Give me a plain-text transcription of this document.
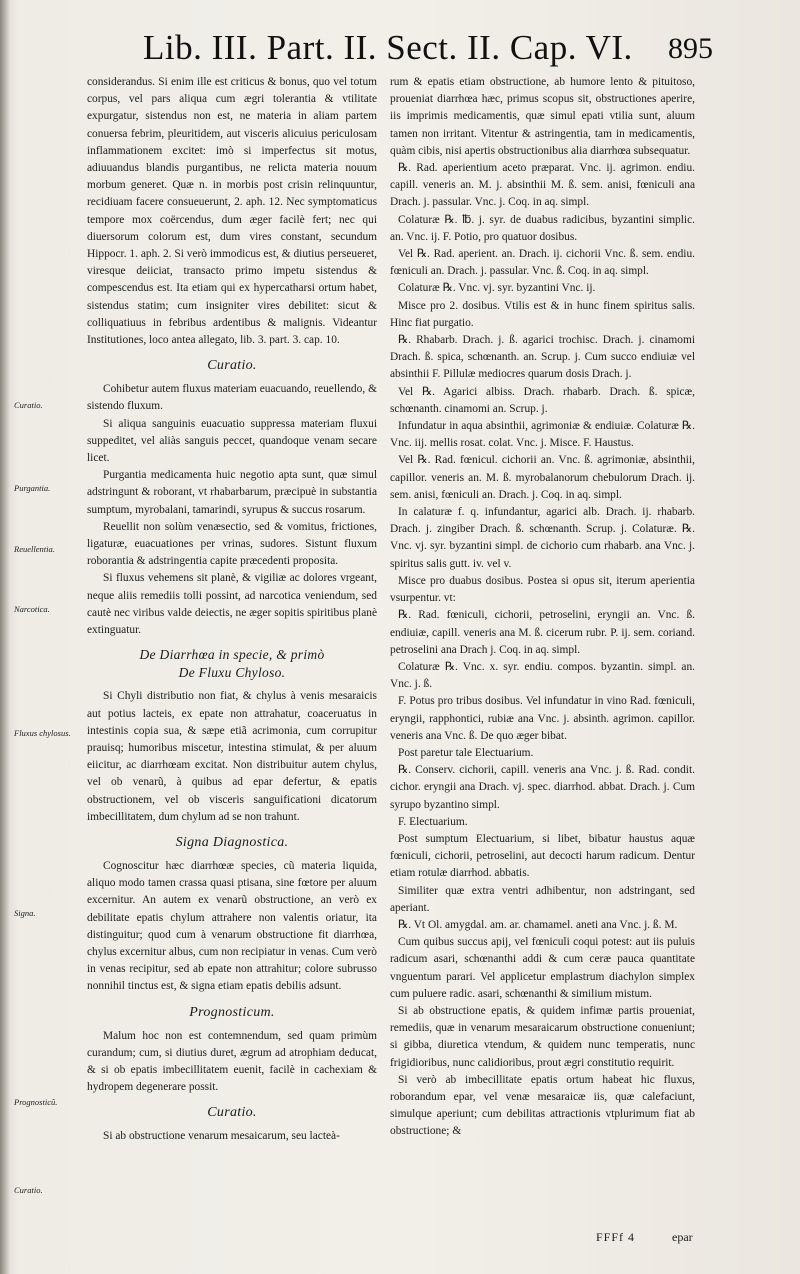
Lib. III. Part. II. Sect. II. Cap. VI. 895
Curatio.
Purgantia.
Reuellentia.
Narcotica.
Fluxus chylosus.
Signa.
Prognosticũ.
Curatio.

considerandus. Si enim ille est criticus & bonus, quo vel totum corpus, vel pars aliqua cum ægri tolerantia & vtilitate expurgatur, sistendus non est, ne materia in aliam partem conuersa febrim, pleuritidem, aut visceris alicuius periculosam inflammationem excitet: imò si imperfectus sit motus, adiuuandus blandis purgantibus, ne relicta materia nouum morbum generet. Quæ n. in morbis post crisin relinquuntur, recidiuam facere consueuerunt, 2. aph. 12. Nec symptomaticus tempore mox coërcendus, dum æger facilè fert; nec qui diuersorum colorum est, dum vires constant, secundum Hippocr. 1. aph. 2. Si verò immodicus est, & diutius perseueret, viresque deiiciat, transacto primo impetu sistendus & compescendus est. Ita etiam qui ex hypercatharsi ortum habet, sistendus statim; cum insigniter vires debilitet: sicut & colliquatiuus in febribus ardentibus & malignis. Videantur Institutiones, loco antea allegato, lib. 3. part. 3. cap. 10.

Curatio.

Cohibetur autem fluxus materiam euacuando, reuellendo, & sistendo fluxum.

Si aliqua sanguinis euacuatio suppressa materiam fluxui suppeditet, vel aliàs sanguis peccet, quandoque venam secare licet.

Purgantia medicamenta huic negotio apta sunt, quæ simul adstringunt & roborant, vt rhabarbarum, præcipuè in substantia sumptum, myrobalani, tamarindi, syrupus & succus rosarum.

Reuellit non solùm venæsectio, sed & vomitus, frictiones, ligaturæ, euacuationes per vrinas, sudores. Sistunt fluxum roborantia & adstringentia capite præcedenti proposita.

Si fluxus vehemens sit planè, & vigiliæ ac dolores vrgeant, neque aliis remediis tolli possint, ad narcotica veniendum, sed cautè nec viribus valde deiectis, ne æger sopitis spiritibus planè extinguatur.

De Diarrhœa in specie, & primò
De Fluxu Chyloso.

Si Chyli distributio non fiat, & chylus à venis mesaraicis aut potius lacteis, ex epate non attrahatur, coaceruatus in intestinis copia sua, & sæpe etiã acrimonia, cum corrupitur prauisq; humoribus miscetur, intestina stimulat, & per aluum eiicitur, ac diarrhœam excitat. Non distribuitur autem chylus, vel ob venarũ, à quibus ad epar defertur, & epatis obstructionem, vel ob visceris sanguificationi dicatorum imbecillitatem, dum chylum ad se non trahunt.

Signa Diagnostica.

Cognoscitur hæc diarrhœæ species, cũ materia liquida, aliquo modo tamen crassa quasi ptisana, sine fœtore per aluum excernitur. An autem ex venarũ obstructione, an verò ex debilitate epatis chylum attrahere non valentis oriatur, ita distinguitur; quod cum à venarum obstructione fit diarrhœa, chylus excernitur albus, cum non recipiatur in venas. Cum verò in venas recipitur, sed ab epate non attrahitur; colore subrusso nonnihil tinctus est, & signa etiam epatis debilis adsunt.

Prognosticum.

Malum hoc non est contemnendum, sed quam primùm curandum; cum, si diutius duret, ægrum ad atrophiam deducat, & si ob epatis imbecillitatem euenit, facilè in cachexiam & hydropem degenerare possit.

Curatio.

Si ab obstructione venarum mesaicarum, seu lacteà-

rum & epatis etiam obstructione, ab humore lento & pituitoso, proueniat diarrhœa hæc, primus scopus sit, obstructiones aperire, iis imprimis medicamentis, quæ simul epati vtilia sunt, aluum tamen non irritant. Vitentur & astringentia, tam in medicamentis, quàm cibis, nisi apertis obstructionibus alia diarrhœa subsequatur.

℞. Rad. aperientium aceto præparat. Vnc. ij. agrimon. endiu. capill. veneris an. M. j. absinthii M. ß. sem. anisi, fœniculi ana Drach. j. passular. Vnc. j. Coq. in aq. simpl.

Colaturæ ℞. ℔. j. syr. de duabus radicibus, byzantini simplic. an. Vnc. ij. F. Potio, pro quatuor dosibus.

Vel ℞. Rad. aperient. an. Drach. ij. cichorii Vnc. ß. sem. endiu. fœniculi an. Drach. j. passular. Vnc. ß. Coq. in aq. simpl.

Colaturæ ℞. Vnc. vj. syr. byzantini Vnc. ij.

Misce pro 2. dosibus. Vtilis est & in hunc finem spiritus salis. Hinc fiat purgatio.

℞. Rhabarb. Drach. j. ß. agarici trochisc. Drach. j. cinamomi Drach. ß. spica, schœnanth. an. Scrup. j. Cum succo endiuiæ vel absinthii F. Pillulæ mediocres quarum dosis Drach. j.

Vel ℞. Agarici albiss. Drach. rhabarb. Drach. ß. spicæ, schœnanth. cinamomi an. Scrup. j.

Infundatur in aqua absinthii, agrimoniæ & endiuiæ. Colaturæ ℞. Vnc. iij. mellis rosat. colat. Vnc. j. Misce. F. Haustus.

Vel ℞. Rad. fœnicul. cichorii an. Vnc. ß. agrimoniæ, absinthii, capillor. veneris an. M. ß. myrobalanorum chebulorum Drach. ij. sem. anisi, fœniculi an. Drach. j. Coq. in aq. simpl.

In calaturæ f. q. infundantur, agarici alb. Drach. ij. rhabarb. Drach. j. zingiber Drach. ß. schœnanth. Scrup. j. Colaturæ. ℞. Vnc. vj. syr. byzantini simpl. de cichorio cum rhabarb. ana Vnc. j. spiritus salis gutt. iv. vel v.

Misce pro duabus dosibus. Postea si opus sit, iterum aperientia vsurpentur. vt:

℞. Rad. fœniculi, cichorii, petroselini, eryngii an. Vnc. ß. endiuiæ, capill. veneris ana M. ß. cicerum rubr. P. ij. sem. coriand. petroselini ana Drach j. Coq. in aq. simpl.

Colaturæ ℞. Vnc. x. syr. endiu. compos. byzantin. simpl. an. Vnc. j. ß.

F. Potus pro tribus dosibus. Vel infundatur in vino Rad. fœniculi, eryngii, rapphontici, rubiæ ana Vnc. j. absinth. agrimon. capillor. veneris ana Vnc. ß. De quo æger bibat.

Post paretur tale Electuarium.

℞. Conserv. cichorii, capill. veneris ana Vnc. j. ß. Rad. condit. cichor. eryngii ana Drach. vj. spec. diarrhod. abbat. Drach. j. Cum syrupo byzantino simpl.

F. Electuarium.

Post sumptum Electuarium, si libet, bibatur haustus aquæ fœniculi, cichorii, petroselini, aut decocti harum radicum. Dentur etiam rotulæ diarrhod. abbatis.

Similiter quæ extra ventri adhibentur, non adstringant, sed aperiant.

℞. Vt Ol. amygdal. am. ar. chamamel. aneti ana Vnc. j. ß. M.

Cum quibus succus apij, vel fœniculi coqui potest: aut iis puluis radicum asari, schœnanthi addi & cum ceræ pauca quantitate vnguentum parari. Vel applicetur emplastrum diachylon simplex cum puluere radic. asari, schœnanthi & similium mistum.

Si ab obstructione epatis, & quidem infimæ partis proueniat, remediis, quæ in venarum mesaraicarum obstructione conueniunt; si gibba, diuretica vtendum, & quidem nunc temperatis, nunc frigidioribus, nunc calidioribus, prout ægri constitutio requirit.

Si verò ab imbecillitate epatis ortum habeat hic fluxus, roborandum epar, vel venæ mesaraicæ iis, quæ calefaciunt, simulque aperiunt; cum debilitas attractionis vtplurimum fiat ab obstructione; &

FFFf 4	epar
